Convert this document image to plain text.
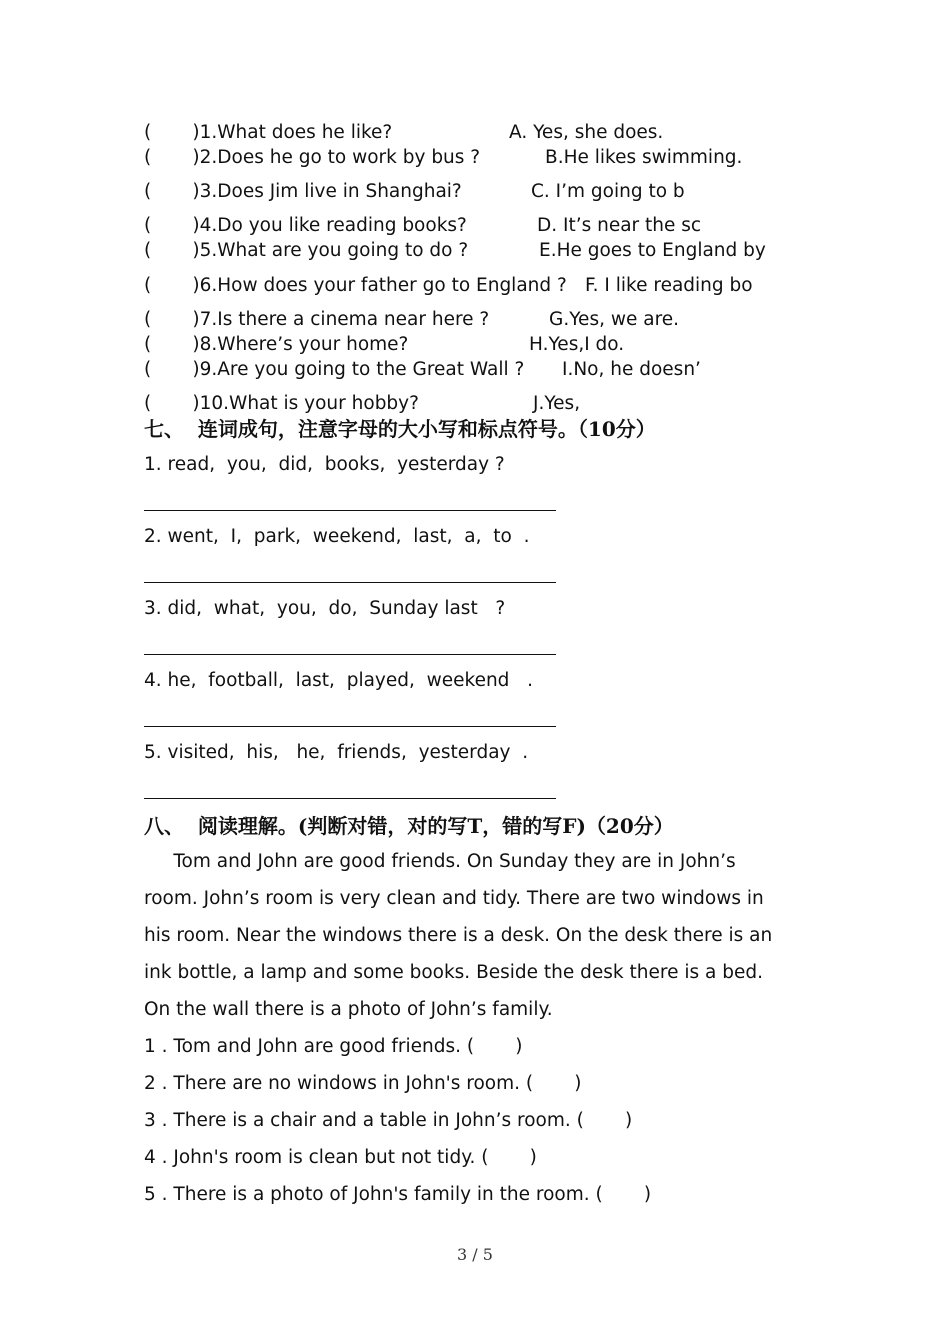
(       )1.What does he like?	A. Yes, she does.
(       )2.Does he go to work by bus ?	B.He likes swimming.
(       )3.Does Jim live in Shanghai?	C. I’m going to b
(       )4.Do you like reading books?	D. It’s near the sc
(       )5.What are you going to do ?	E.He goes to England by
(       )6.How does your father go to England ? F. I like reading bo
(       )7.Is there a cinema near here ?	G.Yes, we are.
(       )8.Where’s your home?	H.Yes,I do.
(       )9.Are you going to the Great Wall ? I.No, he doesn’
(       )10.What is your hobby?	J.Yes,
七、  连词成句，注意字母的大小写和标点符号。（10分）
1. read,  you,  did,  books,  yesterday ?
2. went,  I,  park,  weekend,  last,  a,  to  .
3. did,  what,  you,  do,  Sunday last   ?
4. he,  football,  last,  played,  weekend   .
5. visited,  his,   he,  friends,  yesterday  .
八、  阅读理解。(判断对错，对的写T，错的写F)（20分）
Tom and John are good friends. On Sunday they are in John’s
room. John’s room is very clean and tidy. There are two windows in
his room. Near the windows there is a desk. On the desk there is an
ink bottle, a lamp and some books. Beside the desk there is a bed.
On the wall there is a photo of John’s family.
1 . Tom and John are good friends. (       )
2 . There are no windows in John's room. (       )
3 . There is a chair and a table in John’s room. (       )
4 . John's room is clean but not tidy. (       )
5 . There is a photo of John's family in the room. (       )
3 / 5
